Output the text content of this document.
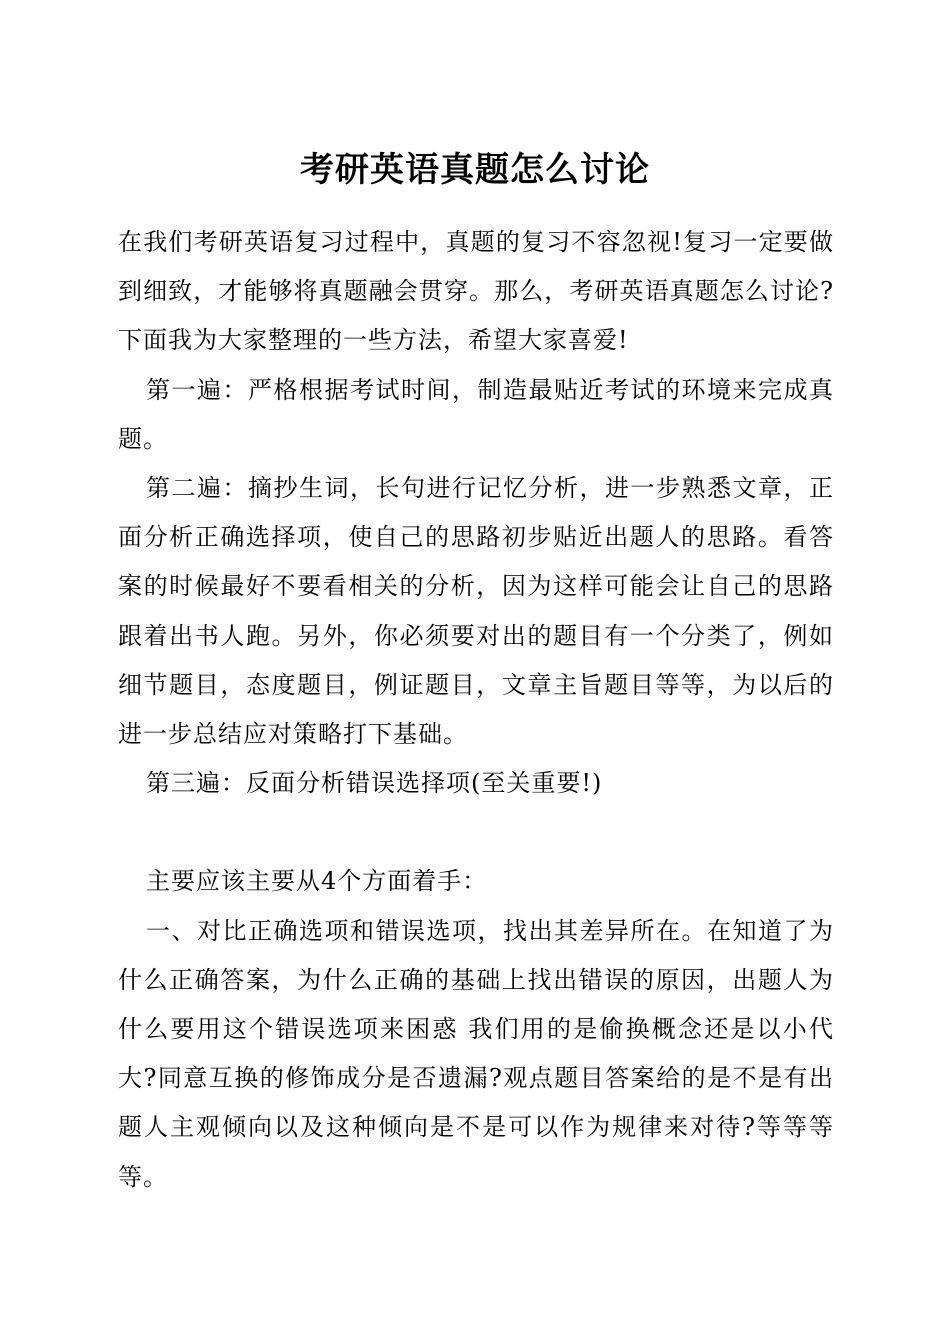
考研英语真题怎么讨论

在我们考研英语复习过程中，真题的复习不容忽视!复习一定要做到细致，才能够将真题融会贯穿。那么，考研英语真题怎么讨论?下面我为大家整理的一些方法，希望大家喜爱!

第一遍：严格根据考试时间，制造最贴近考试的环境来完成真题。

第二遍：摘抄生词，长句进行记忆分析，进一步熟悉文章，正面分析正确选择项，使自己的思路初步贴近出题人的思路。看答案的时候最好不要看相关的分析，因为这样可能会让自己的思路跟着出书人跑。另外，你必须要对出的题目有一个分类了，例如细节题目，态度题目，例证题目，文章主旨题目等等，为以后的进一步总结应对策略打下基础。

第三遍：反面分析错误选择项(至关重要!)

主要应该主要从4个方面着手：

一、对比正确选项和错误选项，找出其差异所在。在知道了为什么正确答案，为什么正确的基础上找出错误的原因，出题人为什么要用这个错误选项来困惑 我们用的是偷换概念还是以小代大?同意互换的修饰成分是否遗漏?观点题目答案给的是不是有出题人主观倾向以及这种倾向是不是可以作为规律来对待?等等等等。
